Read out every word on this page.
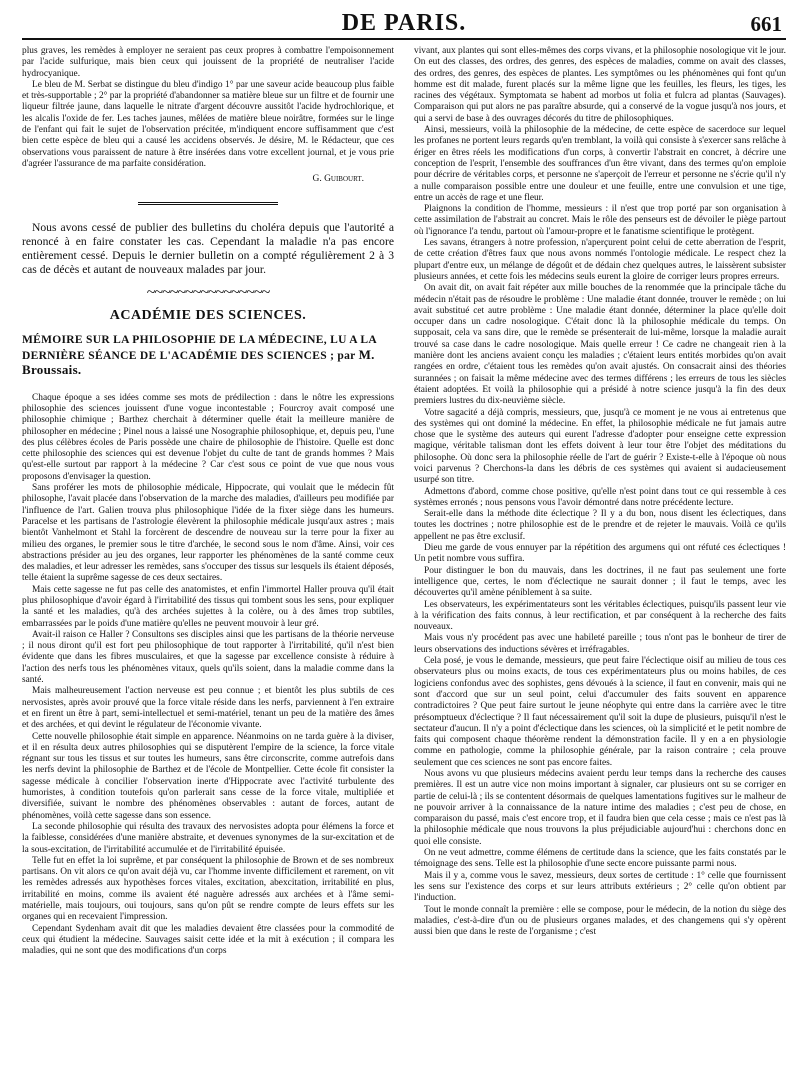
DE PARIS.	661

plus graves, les remèdes à employer ne seraient pas ceux propres à combattre l'empoisonnement par l'acide sulfurique, mais bien ceux qui jouissent de la propriété de neutraliser l'acide hydrocyanique.

Le bleu de M. Serbat se distingue du bleu d'indigo 1° par une saveur acide beaucoup plus faible et très-supportable ; 2° par la propriété d'abandonner sa matière bleue sur un filtre et de fournir une liqueur filtrée jaune, dans laquelle le nitrate d'argent découvre aussitôt l'acide hydrochlorique, et les alcalis l'oxide de fer. Les taches jaunes, mêlées de matière bleue noirâtre, formées sur le linge de l'enfant qui fait le sujet de l'observation précitée, m'indiquent encore suffisamment que c'est bien cette espèce de bleu qui a causé les accidens observés. Je désire, M. le Rédacteur, que ces observations vous paraissent de nature à être insérées dans votre excellent journal, et je vous prie d'agréer l'assurance de ma parfaite considération.

G. Guibourt.

Nous avons cessé de publier des bulletins du choléra depuis que l'autorité a renoncé à en faire constater les cas. Cependant la maladie n'a pas encore entièrement cessé. Depuis le dernier bulletin on a compté régulièrement 2 à 3 cas de décès et autant de nouveaux malades par jour.

~~~~~~~~~~~~~~~~
ACADÉMIE DES SCIENCES.

MÉMOIRE SUR LA PHILOSOPHIE DE LA MÉDECINE, LU A LA DERNIÈRE SÉANCE DE L'ACADÉMIE DES SCIENCES ; par M. Broussais.

Chaque époque a ses idées comme ses mots de prédilection : dans le nôtre les expressions philosophie des sciences jouissent d'une vogue incontestable ; Fourcroy avait composé une philosophie chimique ; Barthez cherchait à déterminer quelle était la meilleure manière de philosopher en médecine ; Pinel nous a laissé une Nosographie philosophique, et, depuis peu, l'une des plus célèbres écoles de Paris possède une chaire de philosophie de l'histoire. Quelle est donc cette philosophie des sciences qui est devenue l'objet du culte de tant de grands hommes ? Mais qu'est-elle surtout par rapport à la médecine ? Car c'est sous ce point de vue que nous vous proposons d'envisager la question.

Sans proférer les mots de philosophie médicale, Hippocrate, qui voulait que le médecin fût philosophe, l'avait placée dans l'observation de la marche des maladies, d'ailleurs peu modifiée par l'influence de l'art. Galien trouva plus philosophique l'idée de la fixer siège dans les humeurs. Paracelse et les partisans de l'astrologie élevèrent la philosophie médicale jusqu'aux astres ; mais bientôt Vanhelmont et Stahl la forcèrent de descendre de nouveau sur la terre pour la fixer au milieu des organes, le premier sous le titre d'archée, le second sous le nom d'âme. Ainsi, voir ces abstractions présider au jeu des organes, leur rapporter les phénomènes de la santé comme ceux des maladies, et leur adresser les remèdes, sans s'occuper des tissus sur lesquels ils étaient déposés, telle étaient la suprême sagesse de ces deux sectaires.

Mais cette sagesse ne fut pas celle des anatomistes, et enfin l'immortel Haller prouva qu'il était plus philosophique d'avoir égard à l'irritabilité des tissus qui tombent sous les sens, pour expliquer la santé et les maladies, qu'à des archées sujettes à la colère, ou à des âmes trop subtiles, embarrassées par le poids d'une matière qu'elles ne peuvent mouvoir à leur gré.

Avait-il raison ce Haller ? Consultons ses disciples ainsi que les partisans de la théorie nerveuse ; il nous diront qu'il est fort peu philosophique de tout rapporter à l'irritabilité, qu'il n'est bien évidente que dans les fibres musculaires, et que la sagesse par excellence consiste à réduire à l'action des nerfs tous les phénomènes vitaux, quels qu'ils soient, dans la maladie comme dans la santé.

Mais malheureusement l'action nerveuse est peu connue ; et bientôt les plus subtils de ces nervosistes, après avoir prouvé que la force vitale réside dans les nerfs, parviennent à l'en extraire et en firent un être à part, semi-intellectuel et semi-matériel, tenant un peu de la matière des âmes et des archées, et qui devint le régulateur de l'économie vivante.

Cette nouvelle philosophie était simple en apparence. Néanmoins on ne tarda guère à la diviser, et il en résulta deux autres philosophies qui se disputèrent l'empire de la science, la force vitale régnant sur tous les tissus et sur toutes les humeurs, sans être circonscrite, comme autrefois dans les nerfs devint la philosophie de Barthez et de l'école de Montpellier. Cette école fit consister la sagesse médicale à concilier l'observation inerte d'Hippocrate avec l'activité turbulente des humoristes, à condition toutefois qu'on parlerait sans cesse de la force vitale, multipliée et diversifiée, suivant le nombre des phénomènes observables : autant de forces, autant de phénomènes, voilà cette sagesse dans son essence.

La seconde philosophie qui résulta des travaux des nervosistes adopta pour élémens la force et la faiblesse, considérées d'une manière abstraite, et devenues synonymes de la sur-excitation et de la sous-excitation, de l'irritabilité accumulée et de l'irritabilité épuisée.

Telle fut en effet la loi suprême, et par conséquent la philosophie de Brown et de ses nombreux partisans. On vit alors ce qu'on avait déjà vu, car l'homme invente difficilement et rarement, on vit les remèdes adressés aux hypothèses forces vitales, excitation, abexcitation, irritabilité en plus, irritabilité en moins, comme ils avaient été naguère adressés aux archées et à l'âme semi-matérielle, mais toujours, oui toujours, sans qu'on pût se rendre compte de leurs effets sur les organes qui en recevaient l'impression.

Cependant Sydenham avait dit que les maladies devaient être classées pour la commodité de ceux qui étudient la médecine. Sauvages saisit cette idée et la mit à exécution ; il compara les maladies, qui ne sont que des modifications d'un corps

vivant, aux plantes qui sont elles-mêmes des corps vivans, et la philosophie nosologique vit le jour. On eut des classes, des ordres, des genres, des espèces de maladies, comme on avait des classes, des ordres, des genres, des espèces de plantes. Les symptômes ou les phénomènes qui font qu'un homme est dit malade, furent placés sur la même ligne que les feuilles, les fleurs, les tiges, les racines des végétaux. Symptomata se habent ad morbos ut folia et fulcra ad plantas (Sauvages). Comparaison qui put alors ne pas paraître absurde, qui a conservé de la vogue jusqu'à nos jours, et qui a servi de base à des ouvrages décorés du titre de philosophiques.

Ainsi, messieurs, voilà la philosophie de la médecine, de cette espèce de sacerdoce sur lequel les profanes ne portent leurs regards qu'en tremblant, la voilà qui consiste à s'exercer sans relâche à ériger en êtres réels les modifications d'un corps, à convertir l'abstrait en concret, à décrire une conception de l'esprit, l'ensemble des souffrances d'un être vivant, dans des termes qu'on emploie pour décrire de véritables corps, et personne ne s'aperçoit de l'erreur et personne ne s'écrie qu'il n'y a nulle comparaison possible entre une douleur et une feuille, entre une convulsion et une tige, entre un accès de rage et une fleur.

Plaignons la condition de l'homme, messieurs : il n'est que trop porté par son organisation à cette assimilation de l'abstrait au concret. Mais le rôle des penseurs est de dévoiler le piège partout où l'ignorance l'a tendu, partout où l'amour-propre et le fanatisme scientifique le protègent.

Les savans, étrangers à notre profession, n'aperçurent point celui de cette aberration de l'esprit, de cette création d'êtres faux que nous avons nommés l'ontologie médicale. Le respect chez la plupart d'entre eux, un mélange de dégoût et de dédain chez quelques autres, le laissèrent subsister plusieurs années, et cette fois les médecins seuls eurent la gloire de corriger leurs propres erreurs.

On avait dit, on avait fait répéter aux mille bouches de la renommée que la principale tâche du médecin n'était pas de résoudre le problème : Une maladie étant donnée, trouver le remède ; on lui avait substitué cet autre problème : Une maladie étant donnée, déterminer la place qu'elle doit occuper dans un cadre nosologique. C'était donc là la philosophie médicale du temps. On supposait, cela va sans dire, que le remède se présenterait de lui-même, lorsque la maladie aurait trouvé sa case dans le cadre nosologique. Mais quelle erreur ! Ce cadre ne changeait rien à la manière dont les anciens avaient conçu les maladies ; c'étaient leurs entités morbides qu'on avait rangées en ordre, c'étaient tous les remèdes qu'on avait ajustés. On consacrait ainsi des théories surannées ; on faisait la même médecine avec des termes différens ; les erreurs de tous les siècles étaient adoptées. Et voilà la philosophie qui a présidé à notre science jusqu'à la fin des deux premiers lustres du dix-neuvième siècle.

Votre sagacité a déjà compris, messieurs, que, jusqu'à ce moment je ne vous ai entretenus que des systèmes qui ont dominé la médecine. En effet, la philosophie médicale ne fut jamais autre chose que le système des auteurs qui eurent l'adresse d'adopter pour enseigne cette expression magique, véritable talisman dont les effets doivent à leur tour être l'objet des méditations du philosophe. Où donc sera la philosophie réelle de l'art de guérir ? Existe-t-elle à l'époque où nous voici parvenus ? Cherchons-la dans les débris de ces systèmes qui avaient si audacieusement usurpé son titre.

Admettons d'abord, comme chose positive, qu'elle n'est point dans tout ce qui ressemble à ces systèmes erronés ; nous pensons vous l'avoir démontré dans notre précédente lecture.

Serait-elle dans la méthode dite éclectique ? Il y a du bon, nous disent les éclectiques, dans toutes les doctrines ; notre philosophie est de le prendre et de rejeter le mauvais. Voilà ce qu'ils appellent ne pas être exclusif.

Dieu me garde de vous ennuyer par la répétition des argumens qui ont réfuté ces éclectiques ! Un petit nombre vous suffira.

Pour distinguer le bon du mauvais, dans les doctrines, il ne faut pas seulement une forte intelligence que, certes, le nom d'éclectique ne saurait donner ; il faut le temps, avec les découvertes qu'il amène péniblement à sa suite.

Les observateurs, les expérimentateurs sont les véritables éclectiques, puisqu'ils passent leur vie à la vérification des faits connus, à leur rectification, et par conséquent à la recherche des faits nouveaux.

Mais vous n'y procédent pas avec une habileté pareille ; tous n'ont pas le bonheur de tirer de leurs observations des inductions sévères et irréfragables.

Cela posé, je vous le demande, messieurs, que peut faire l'éclectique oisif au milieu de tous ces observateurs plus ou moins exacts, de tous ces expérimentateurs plus ou moins habiles, de ces logiciens confondus avec des sophistes, gens dévoués à la science, il faut en convenir, mais qui ne sont d'accord que sur un seul point, celui d'accumuler des faits souvent en apparence contradictoires ? Que peut faire surtout le jeune néophyte qui entre dans la carrière avec le titre présomptueux d'éclectique ? Il faut nécessairement qu'il soit la dupe de plusieurs, puisqu'il n'est le sectateur d'aucun. Il n'y a point d'éclectique dans les sciences, où la simplicité et le petit nombre de faits qui composent chaque théorème rendent la démonstration facile. Il y en a en physiologie comme en pathologie, comme la philosophie générale, par la raison contraire ; cela prouve seulement que ces sciences ne sont pas encore faites.

Nous avons vu que plusieurs médecins avaient perdu leur temps dans la recherche des causes premières. Il est un autre vice non moins important à signaler, car plusieurs ont su se corriger en partie de celui-là ; ils se contentent désormais de quelques lamentations fugitives sur le malheur de ne pouvoir arriver à la connaissance de la nature intime des maladies ; c'est peu de chose, en comparaison du passé, mais c'est encore trop, et il faudra bien que cela cesse ; mais ce n'est pas là la philosophie médicale que nous trouvons la plus préjudiciable aujourd'hui : cherchons donc en quoi elle consiste.

On ne veut admettre, comme élémens de certitude dans la science, que les faits constatés par le témoignage des sens. Telle est la philosophie d'une secte encore puissante parmi nous.

Mais il y a, comme vous le savez, messieurs, deux sortes de certitude : 1° celle que fournissent les sens sur l'existence des corps et sur leurs attributs extérieurs ; 2° celle qu'on obtient par l'induction.

Tout le monde connaît la première : elle se compose, pour le médecin, de la notion du siège des maladies, c'est-à-dire d'un ou de plusieurs organes malades, et des changemens qui s'y opèrent aussi bien que dans le reste de l'organisme ; c'est
